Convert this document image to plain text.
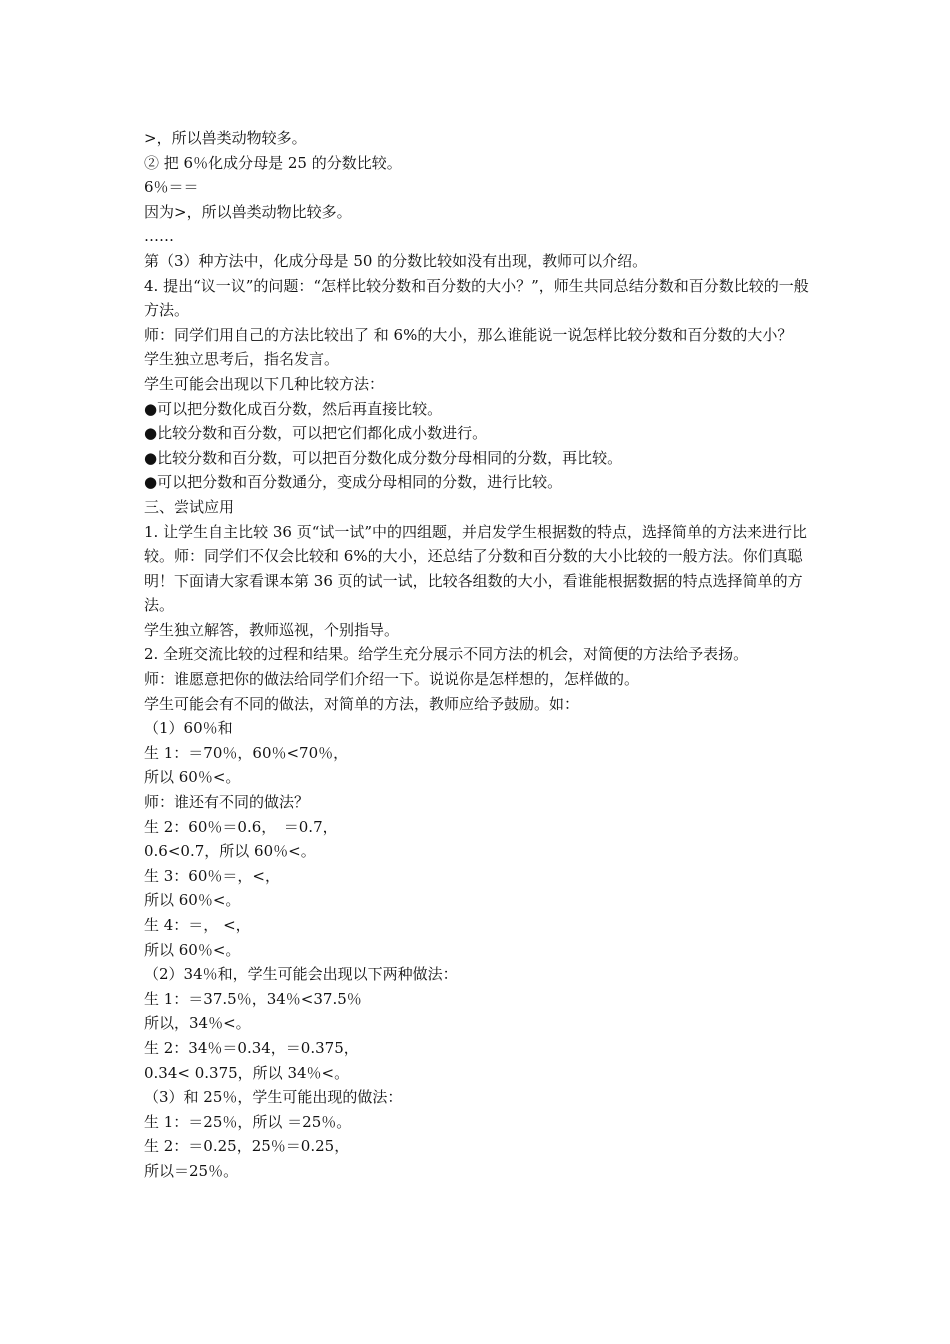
>，所以兽类动物较多。
② 把 6％化成分母是 25 的分数比较。
6％＝＝
因为>，所以兽类动物比较多。
……
第（3）种方法中，化成分母是 50 的分数比较如没有出现，教师可以介绍。
4. 提出“议一议”的问题：“怎样比较分数和百分数的大小？”，师生共同总结分数和百分数比较的一般方法。
师：同学们用自己的方法比较出了 和 6%的大小，那么谁能说一说怎样比较分数和百分数的大小？
学生独立思考后，指名发言。
学生可能会出现以下几种比较方法：
●可以把分数化成百分数，然后再直接比较。
●比较分数和百分数，可以把它们都化成小数进行。
●比较分数和百分数，可以把百分数化成分数分母相同的分数，再比较。
●可以把分数和百分数通分，变成分母相同的分数，进行比较。
三、尝试应用
1. 让学生自主比较 36 页“试一试”中的四组题，并启发学生根据数的特点，选择简单的方法来进行比较。师：同学们不仅会比较和 6%的大小，还总结了分数和百分数的大小比较的一般方法。你们真聪明！下面请大家看课本第 36 页的试一试，比较各组数的大小，看谁能根据数据的特点选择简单的方法。
学生独立解答，教师巡视，个别指导。
2. 全班交流比较的过程和结果。给学生充分展示不同方法的机会，对简便的方法给予表扬。
师：谁愿意把你的做法给同学们介绍一下。说说你是怎样想的，怎样做的。
学生可能会有不同的做法，对简单的方法，教师应给予鼓励。如：
（1）60％和
生 1：＝70％，60％<70％，
所以 60％<。
师：谁还有不同的做法？
生 2：60％＝0.6，　＝0.7，
0.6<0.7，所以 60％<。
生 3：60％＝，<，
所以 60％<。
生 4：＝， <，
所以 60％<。
（2）34％和，学生可能会出现以下两种做法：
生 1：＝37.5％，34％<37.5％
所以，34％<。
生 2：34％＝0.34，＝0.375，
0.34< 0.375，所以 34％<。
（3）和 25％，学生可能出现的做法：
生 1：＝25％，所以 ＝25％。
生 2：＝0.25，25％＝0.25，
所以＝25％。
